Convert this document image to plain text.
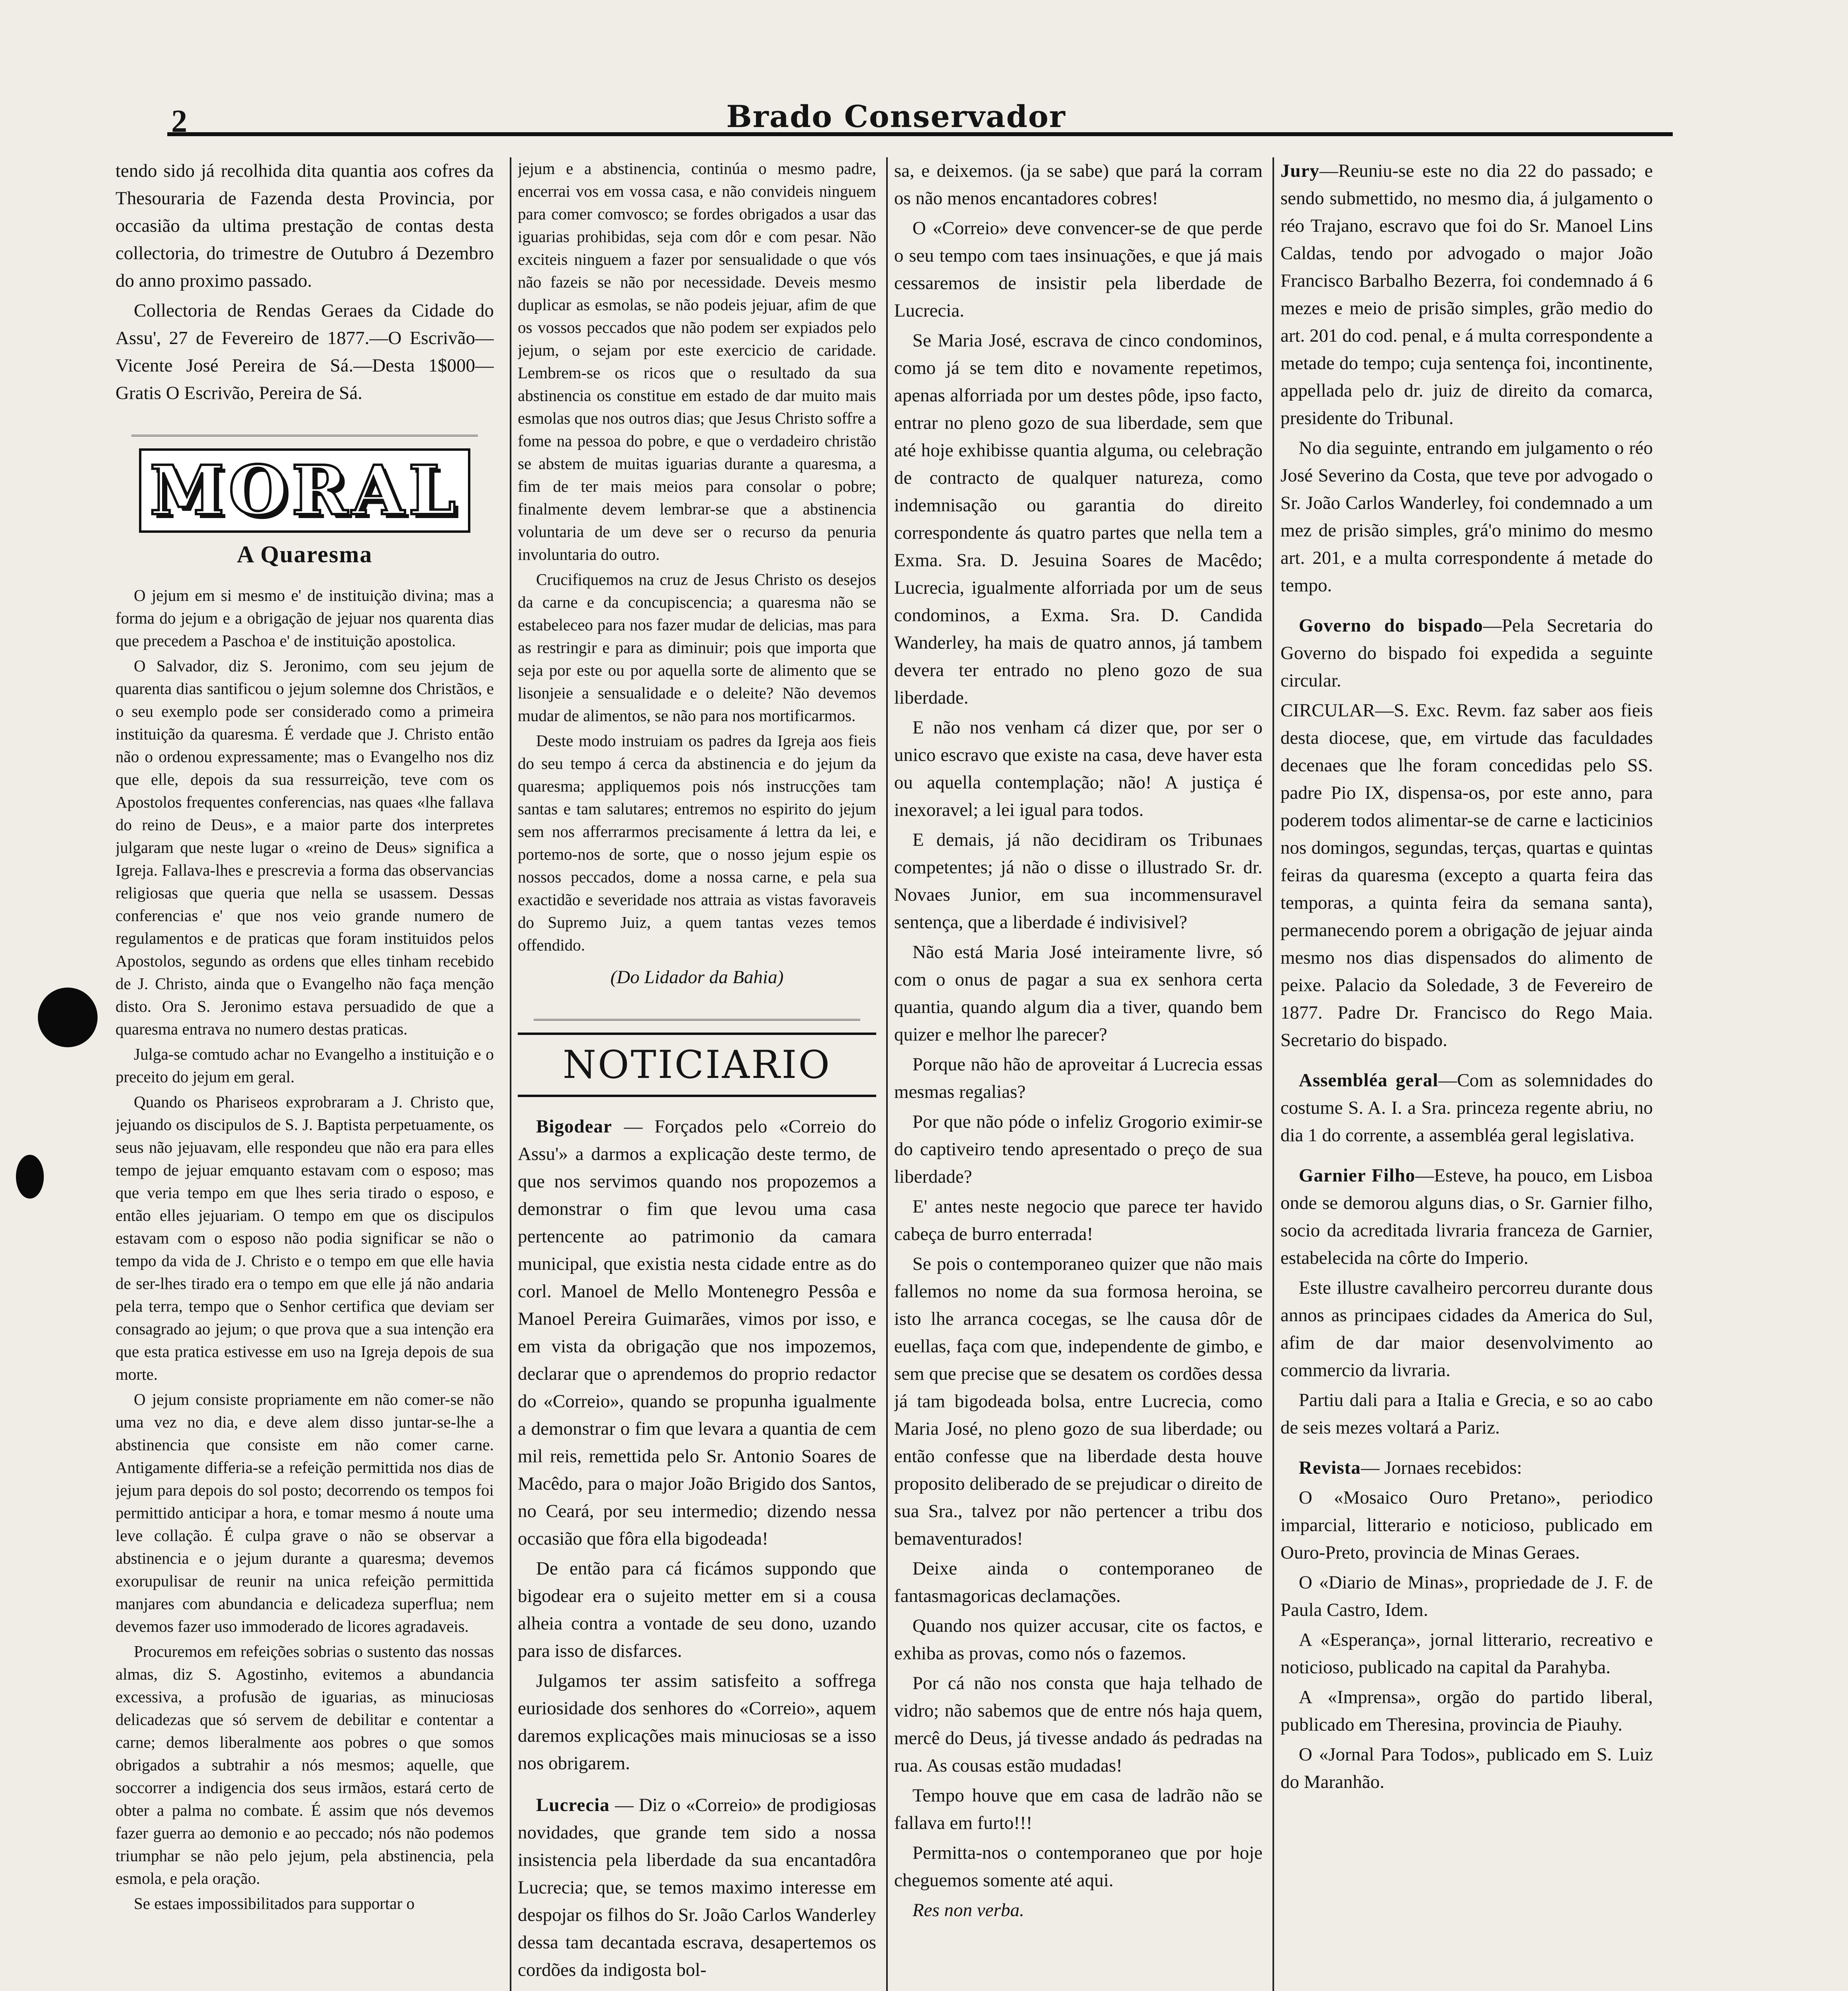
2	Brado Conservador

tendo sido já recolhida dita quantia aos cofres da Thesouraria de Fazenda desta Provincia, por occasião da ultima prestação de contas desta collectoria, do trimestre de Outubro á Dezembro do anno proximo passado.

Collectoria de Rendas Geraes da Cidade do Assu', 27 de Fevereiro de 1877.—O Escrivão—Vicente José Pereira de Sá.—Desta 1$000—Gratis O Escrivão, Pereira de Sá.

MORAL
A Quaresma

O jejum em si mesmo e' de instituição divina; mas a forma do jejum e a obrigação de jejuar nos quarenta dias que precedem a Paschoa e' de instituição apostolica.

O Salvador, diz S. Jeronimo, com seu jejum de quarenta dias santificou o jejum solemne dos Christãos, e o seu exemplo pode ser considerado como a primeira instituição da quaresma. É verdade que J. Christo então não o ordenou expressamente; mas o Evangelho nos diz que elle, depois da sua ressurreição, teve com os Apostolos frequentes conferencias, nas quaes «lhe fallava do reino de Deus», e a maior parte dos interpretes julgaram que neste lugar o «reino de Deus» significa a Igreja. Fallava-lhes e prescrevia a forma das observancias religiosas que queria que nella se usassem. Dessas conferencias e' que nos veio grande numero de regulamentos e de praticas que foram instituidos pelos Apostolos, segundo as ordens que elles tinham recebido de J. Christo, ainda que o Evangelho não faça menção disto. Ora S. Jeronimo estava persuadido de que a quaresma entrava no numero destas praticas.

Julga-se comtudo achar no Evangelho a instituição e o preceito do jejum em geral.

Quando os Phariseos exprobraram a J. Christo que, jejuando os discipulos de S. J. Baptista perpetuamente, os seus não jejuavam, elle respondeu que não era para elles tempo de jejuar emquanto estavam com o esposo; mas que veria tempo em que lhes seria tirado o esposo, e então elles jejuariam. O tempo em que os discipulos estavam com o esposo não podia significar se não o tempo da vida de J. Christo e o tempo em que elle havia de ser-lhes tirado era o tempo em que elle já não andaria pela terra, tempo que o Senhor certifica que deviam ser consagrado ao jejum; o que prova que a sua intenção era que esta pratica estivesse em uso na Igreja depois de sua morte.

O jejum consiste propriamente em não comer-se não uma vez no dia, e deve alem disso juntar-se-lhe a abstinencia que consiste em não comer carne. Antigamente differia-se a refeição permittida nos dias de jejum para depois do sol posto; decorrendo os tempos foi permittido anticipar a hora, e tomar mesmo á noute uma leve collação. É culpa grave o não se observar a abstinencia e o jejum durante a quaresma; devemos exorupulisar de reunir na unica refeição permittida manjares com abundancia e delicadeza superflua; nem devemos fazer uso immoderado de licores agradaveis.

Procuremos em refeições sobrias o sustento das nossas almas, diz S. Agostinho, evitemos a abundancia excessiva, a profusão de iguarias, as minuciosas delicadezas que só servem de debilitar e contentar a carne; demos liberalmente aos pobres o que somos obrigados a subtrahir a nós mesmos; aquelle, que soccorrer a indigencia dos seus irmãos, estará certo de obter a palma no combate. É assim que nós devemos fazer guerra ao demonio e ao peccado; nós não podemos triumphar se não pelo jejum, pela abstinencia, pela esmola, e pela oração.

Se estaes impossibilitados para supportar o

jejum e a abstinencia, continúa o mesmo padre, encerrai vos em vossa casa, e não convideis ninguem para comer comvosco; se fordes obrigados a usar das iguarias prohibidas, seja com dôr e com pesar. Não exciteis ninguem a fazer por sensualidade o que vós não fazeis se não por necessidade. Deveis mesmo duplicar as esmolas, se não podeis jejuar, afim de que os vossos peccados que não podem ser expiados pelo jejum, o sejam por este exercicio de caridade. Lembrem-se os ricos que o resultado da sua abstinencia os constitue em estado de dar muito mais esmolas que nos outros dias; que Jesus Christo soffre a fome na pessoa do pobre, e que o verdadeiro christão se abstem de muitas iguarias durante a quaresma, a fim de ter mais meios para consolar o pobre; finalmente devem lembrar-se que a abstinencia voluntaria de um deve ser o recurso da penuria involuntaria do outro.

Crucifiquemos na cruz de Jesus Christo os desejos da carne e da concupiscencia; a quaresma não se estabeleceo para nos fazer mudar de delicias, mas para as restringir e para as diminuir; pois que importa que seja por este ou por aquella sorte de alimento que se lisonjeie a sensualidade e o deleite? Não devemos mudar de alimentos, se não para nos mortificarmos.

Deste modo instruiam os padres da Igreja aos fieis do seu tempo á cerca da abstinencia e do jejum da quaresma; appliquemos pois nós instrucções tam santas e tam salutares; entremos no espirito do jejum sem nos afferrarmos precisamente á lettra da lei, e portemo-nos de sorte, que o nosso jejum espie os nossos peccados, dome a nossa carne, e pela sua exactidão e severidade nos attraia as vistas favoraveis do Supremo Juiz, a quem tantas vezes temos offendido.

(Do Lidador da Bahia)
NOTICIARIO

Bigodear — Forçados pelo «Correio do Assu'» a darmos a explicação deste termo, de que nos servimos quando nos propozemos a demonstrar o fim que levou uma casa pertencente ao patrimonio da camara municipal, que existia nesta cidade entre as do corl. Manoel de Mello Montenegro Pessôa e Manoel Pereira Guimarães, vimos por isso, e em vista da obrigação que nos impozemos, declarar que o aprendemos do proprio redactor do «Correio», quando se propunha igualmente a demonstrar o fim que levara a quantia de cem mil reis, remettida pelo Sr. Antonio Soares de Macêdo, para o major João Brigido dos Santos, no Ceará, por seu intermedio; dizendo nessa occasião que fôra ella bigodeada!

De então para cá ficámos suppondo que bigodear era o sujeito metter em si a cousa alheia contra a vontade de seu dono, uzando para isso de disfarces.

Julgamos ter assim satisfeito a soffrega euriosidade dos senhores do «Correio», aquem daremos explicações mais minuciosas se a isso nos obrigarem.

Lucrecia — Diz o «Correio» de prodigiosas novidades, que grande tem sido a nossa insistencia pela liberdade da sua encantadôra Lucrecia; que, se temos maximo interesse em despojar os filhos do Sr. João Carlos Wanderley dessa tam decantada escrava, desapertemos os cordões da indigosta bol-

sa, e deixemos. (ja se sabe) que pará la corram os não menos encantadores cobres!

O «Correio» deve convencer-se de que perde o seu tempo com taes insinuações, e que já mais cessaremos de insistir pela liberdade de Lucrecia.

Se Maria José, escrava de cinco condominos, como já se tem dito e novamente repetimos, apenas alforriada por um destes pôde, ipso facto, entrar no pleno gozo de sua liberdade, sem que até hoje exhibisse quantia alguma, ou celebração de contracto de qualquer natureza, como indemnisação ou garantia do direito correspondente ás quatro partes que nella tem a Exma. Sra. D. Jesuina Soares de Macêdo; Lucrecia, igualmente alforriada por um de seus condominos, a Exma. Sra. D. Candida Wanderley, ha mais de quatro annos, já tambem devera ter entrado no pleno gozo de sua liberdade.

E não nos venham cá dizer que, por ser o unico escravo que existe na casa, deve haver esta ou aquella contemplação; não! A justiça é inexoravel; a lei igual para todos.

E demais, já não decidiram os Tribunaes competentes; já não o disse o illustrado Sr. dr. Novaes Junior, em sua incommensuravel sentença, que a liberdade é indivisivel?

Não está Maria José inteiramente livre, só com o onus de pagar a sua ex senhora certa quantia, quando algum dia a tiver, quando bem quizer e melhor lhe parecer?

Porque não hão de aproveitar á Lucrecia essas mesmas regalias?

Por que não póde o infeliz Grogorio eximir-se do captiveiro tendo apresentado o preço de sua liberdade?

E' antes neste negocio que parece ter havido cabeça de burro enterrada!

Se pois o contemporaneo quizer que não mais fallemos no nome da sua formosa heroina, se isto lhe arranca cocegas, se lhe causa dôr de euellas, faça com que, independente de gimbo, e sem que precise que se desatem os cordões dessa já tam bigodeada bolsa, entre Lucrecia, como Maria José, no pleno gozo de sua liberdade; ou então confesse que na liberdade desta houve proposito deliberado de se prejudicar o direito de sua Sra., talvez por não pertencer a tribu dos bemaventurados!

Deixe ainda o contemporaneo de fantasmagoricas declamações.

Quando nos quizer accusar, cite os factos, e exhiba as provas, como nós o fazemos.

Por cá não nos consta que haja telhado de vidro; não sabemos que de entre nós haja quem, mercê do Deus, já tivesse andado ás pedradas na rua. As cousas estão mudadas!

Tempo houve que em casa de ladrão não se fallava em furto!!!

Permitta-nos o contemporaneo que por hoje cheguemos somente até aqui.

Res non verba.

Jury—Reuniu-se este no dia 22 do passado; e sendo submettido, no mesmo dia, á julgamento o réo Trajano, escravo que foi do Sr. Manoel Lins Caldas, tendo por advogado o major João Francisco Barbalho Bezerra, foi condemnado á 6 mezes e meio de prisão simples, grão medio do art. 201 do cod. penal, e á multa correspondente a metade do tempo; cuja sentença foi, incontinente, appellada pelo dr. juiz de direito da comarca, presidente do Tribunal.

No dia seguinte, entrando em julgamento o réo José Severino da Costa, que teve por advogado o Sr. João Carlos Wanderley, foi condemnado a um mez de prisão simples, grá'o minimo do mesmo art. 201, e a multa correspondente á metade do tempo.

Governo do bispado—Pela Secretaria do Governo do bispado foi expedida a seguinte circular.

CIRCULAR—S. Exc. Revm. faz saber aos fieis desta diocese, que, em virtude das faculdades decenaes que lhe foram concedidas pelo SS. padre Pio IX, dispensa-os, por este anno, para poderem todos alimentar-se de carne e lacticinios nos domingos, segundas, terças, quartas e quintas feiras da quaresma (excepto a quarta feira das temporas, a quinta feira da semana santa), permanecendo porem a obrigação de jejuar ainda mesmo nos dias dispensados do alimento de peixe. Palacio da Soledade, 3 de Fevereiro de 1877. Padre Dr. Francisco do Rego Maia. Secretario do bispado.

Assembléa geral—Com as solemnidades do costume S. A. I. a Sra. princeza regente abriu, no dia 1 do corrente, a assembléa geral legislativa.

Garnier Filho—Esteve, ha pouco, em Lisboa onde se demorou alguns dias, o Sr. Garnier filho, socio da acreditada livraria franceza de Garnier, estabelecida na côrte do Imperio.

Este illustre cavalheiro percorreu durante dous annos as principaes cidades da America do Sul, afim de dar maior desenvolvimento ao commercio da livraria.

Partiu dali para a Italia e Grecia, e so ao cabo de seis mezes voltará a Pariz.

Revista— Jornaes recebidos:

O «Mosaico Ouro Pretano», periodico imparcial, litterario e noticioso, publicado em Ouro-Preto, provincia de Minas Geraes.

O «Diario de Minas», propriedade de J. F. de Paula Castro, Idem.

A «Esperança», jornal litterario, recreativo e noticioso, publicado na capital da Parahyba.

A «Imprensa», orgão do partido liberal, publicado em Theresina, provincia de Piauhy.

O «Jornal Para Todos», publicado em S. Luiz do Maranhão.
